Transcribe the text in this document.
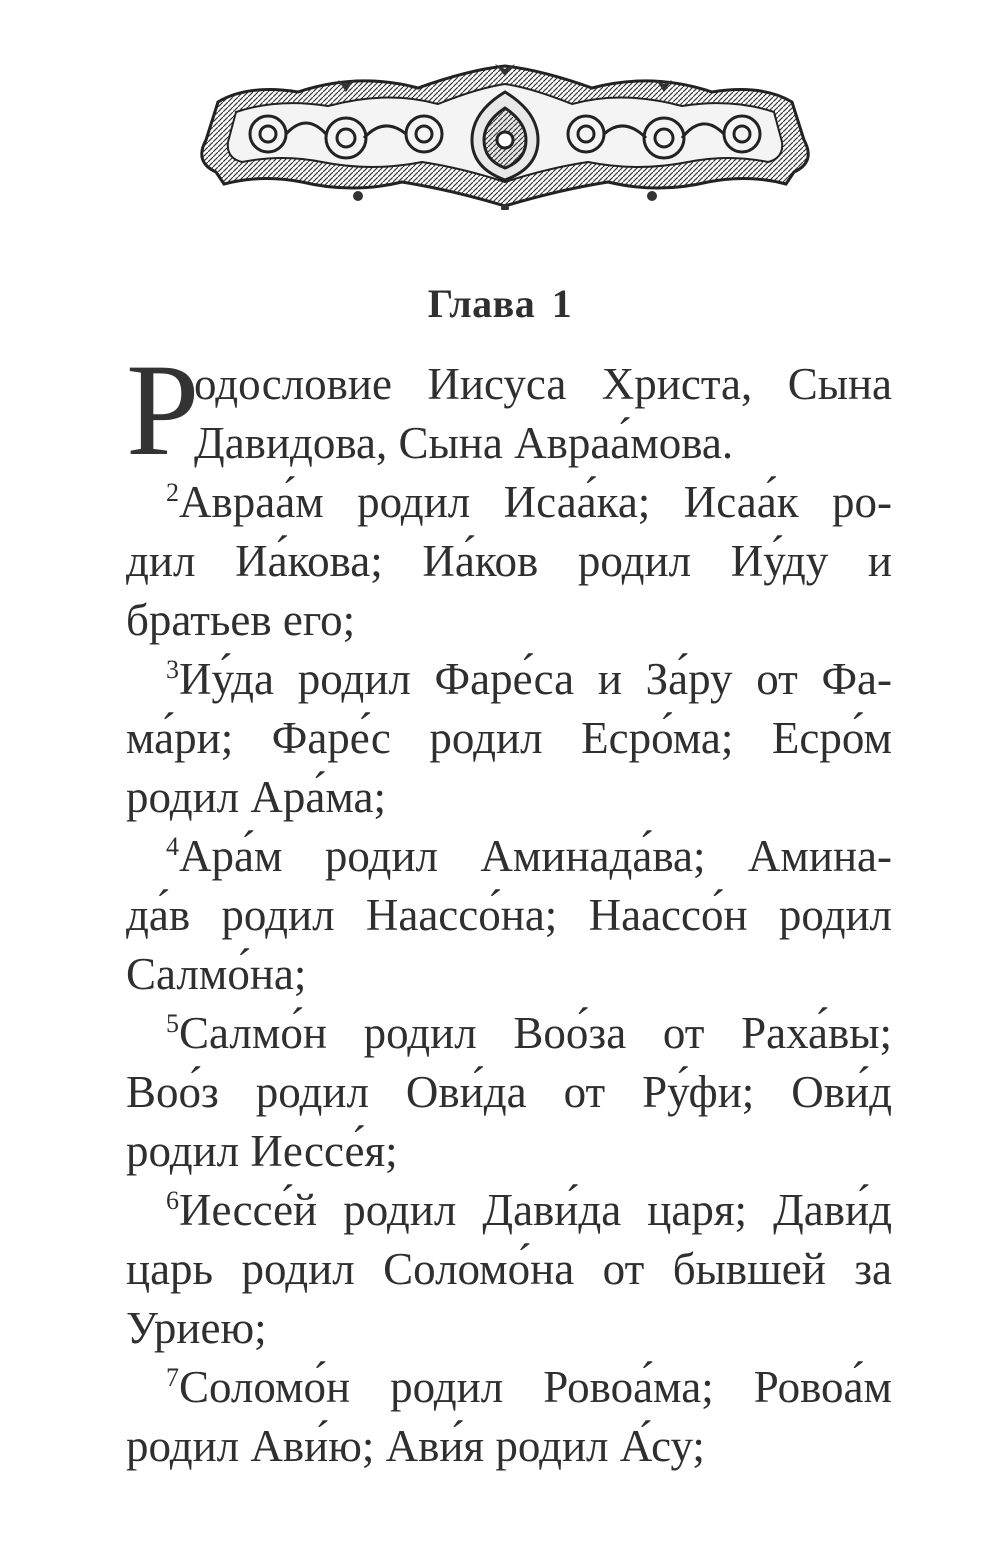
Глава 1
Р
одословие Иисуса Христа, Сына
Давидова, Сына Авраа́мова.
$^2$Авраа́м родил Исаа́ка; Исаа́к ро-
дил Иа́кова; Иа́ков родил Иу́ду и
братьев его;
$^3$Иу́да родил Фаре́са и За́ру от Фа-
ма́ри; Фаре́с родил Есро́ма; Есро́м
родил Ара́ма;
$^4$Ара́м родил Аминада́ва; Амина-
да́в родил Наассо́на; Наассо́н родил
Салмо́на;
$^5$Салмо́н родил Воо́за от Раха́вы;
Воо́з родил Ови́да от Ру́фи; Ови́д
родил Иессе́я;
$^6$Иессе́й родил Дави́да царя; Дави́д
царь родил Соломо́на от бывшей за
Уриею;
$^7$Соломо́н родил Ровоа́ма; Ровоа́м
родил Ави́ю; Ави́я родил А́су;
